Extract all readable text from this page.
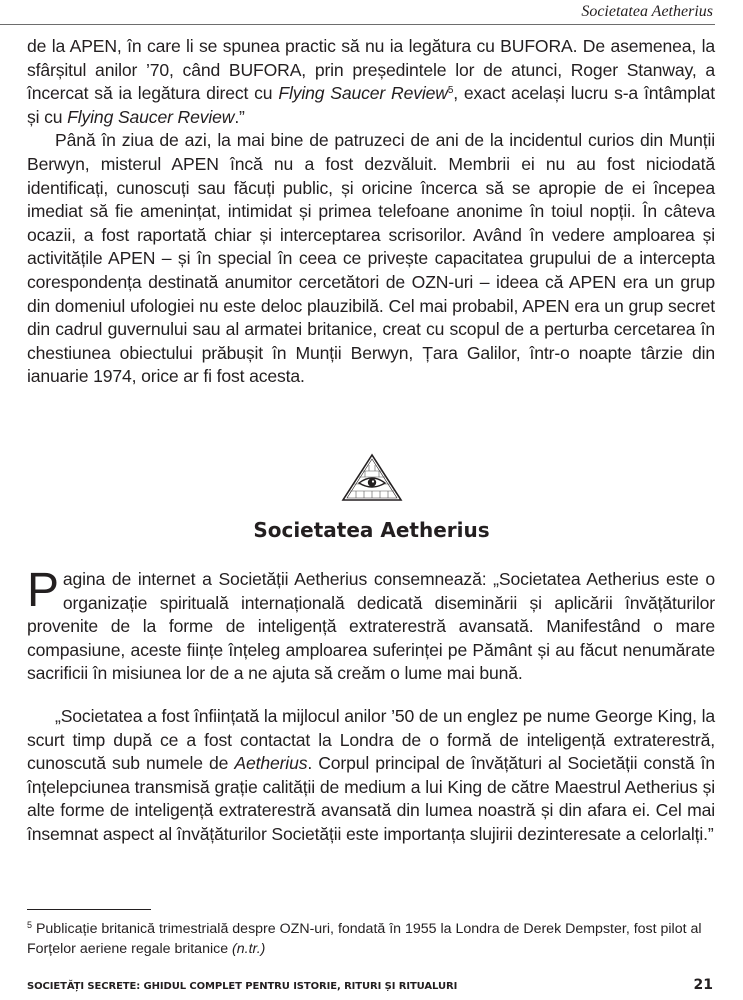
Societatea Aetherius

de la APEN, în care li se spunea practic să nu ia legătura cu BUFORA. De asemenea, la sfârșitul anilor ’70, când BUFORA, prin președintele lor de atunci, Roger Stanway, a încercat să ia legătura direct cu Flying Saucer Review$^5$, exact același lucru s-a întâmplat și cu Flying Saucer Review.”

Până în ziua de azi, la mai bine de patruzeci de ani de la incidentul curios din Munții Berwyn, misterul APEN încă nu a fost dezvăluit. Membrii ei nu au fost niciodată identificați, cunoscuți sau făcuți public, și oricine încerca să se apropie de ei începea imediat să fie amenințat, intimidat și primea telefoane anonime în toiul nopții. În câteva ocazii, a fost raportată chiar și interceptarea scrisorilor. Având în vedere amploarea și activitățile APEN – și în special în ceea ce privește capacitatea grupului de a intercepta corespondența destinată anumitor cercetători de OZN-uri – ideea că APEN era un grup din domeniul ufologiei nu este deloc plauzibilă. Cel mai probabil, APEN era un grup secret din cadrul guvernului sau al armatei britanice, creat cu scopul de a perturba cercetarea în chestiunea obiectului prăbușit în Munții Berwyn, Țara Galilor, într-o noapte târzie din ianuarie 1974, orice ar fi fost acesta.

Societatea Aetherius

Pagina de internet a Societății Aetherius consemnează: „Societatea Aetherius este o organizație spirituală internațională dedicată diseminării și aplicării învățăturilor provenite de la forme de inteligență extraterestră avansată. Manifestând o mare compasiune, aceste ființe înțeleg amploarea suferinței pe Pământ și au făcut nenumărate sacrificii în misiunea lor de a ne ajuta să creăm o lume mai bună.

„Societatea a fost înființată la mijlocul anilor ’50 de un englez pe nume George King, la scurt timp după ce a fost contactat la Londra de o formă de inteligență extraterestră, cunoscută sub numele de Aetherius. Corpul principal de învățături al Societății constă în înțelepciunea transmisă grație calității de medium a lui King de către Maestrul Aetherius și alte forme de inteligență extraterestră avansată din lumea noastră și din afara ei. Cel mai însemnat aspect al învățăturilor Societății este importanța slujirii dezinteresate a celorlalți.”

$^5$ Publicație britanică trimestrială despre OZN-uri, fondată în 1955 la Londra de Derek Dempster, fost pilot al Forțelor aeriene regale britanice (n.tr.)
SOCIETĂȚI SECRETE: GHIDUL COMPLET PENTRU ISTORIE, RITURI ȘI RITUALURI	21
